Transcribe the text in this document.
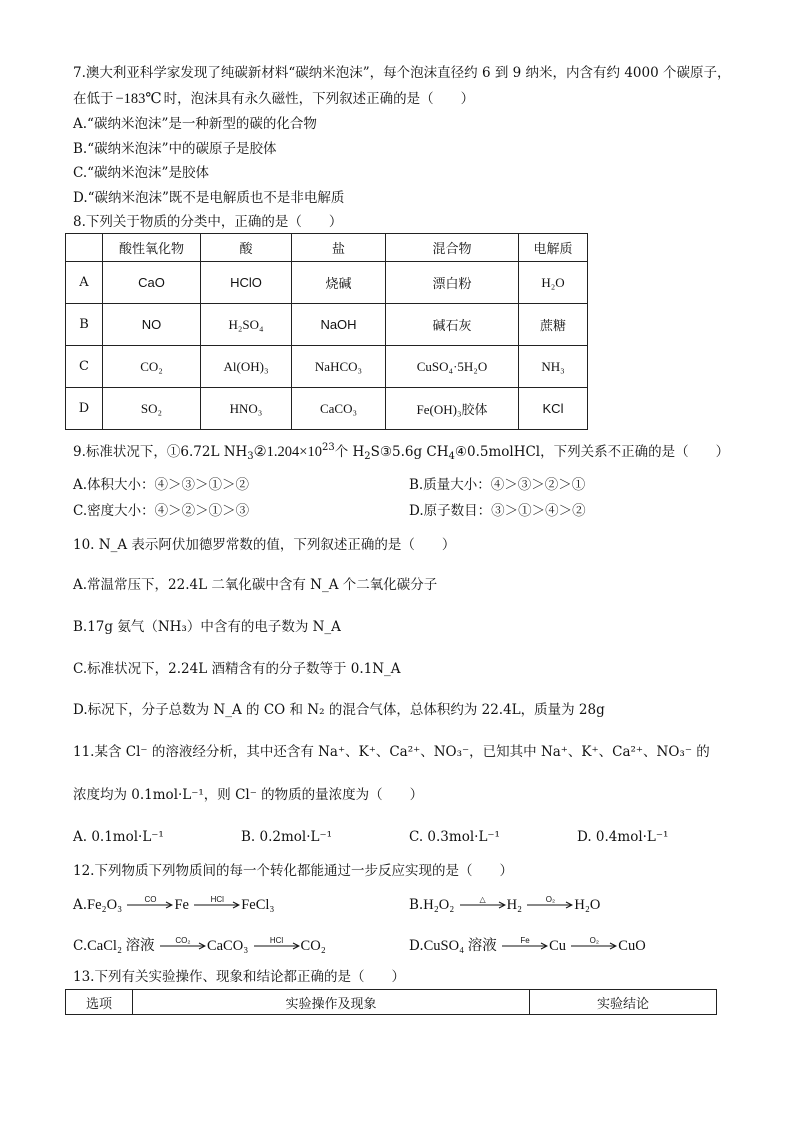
7.澳大利亚科学家发现了纯碳新材料“碳纳米泡沫”，每个泡沫直径约 6 到 9 纳米，内含有约 4000 个碳原子，
在低于 −183℃ 时，泡沫具有永久磁性，下列叙述正确的是（　　）
A.“碳纳米泡沫”是一种新型的碳的化合物
B.“碳纳米泡沫”中的碳原子是胶体
C.“碳纳米泡沫”是胶体
D.“碳纳米泡沫”既不是电解质也不是非电解质
8.下列关于物质的分类中，正确的是（　　）
	酸性氧化物	酸	盐	混合物	电解质
A	CaO	HClO	烧碱	漂白粉	H₂O
B	NO	H₂SO₄	NaOH	碱石灰	蔗糖
C	CO₂	Al(OH)₃	NaHCO₃	CuSO₄·5H₂O	NH₃
D	SO₂	HNO₃	CaCO₃	Fe(OH)₃胶体	KCl
9.标准状况下，①6.72L $NH_3②1.204\times 10^{23}$个 $H_2S③5.6g$ $CH_4④0.5molHCl$，下列关系不正确的是（　　）
A.体积大小：④＞③＞①＞②	B.质量大小：④＞③＞②＞①
C.密度大小：④＞②＞①＞③	D.原子数目：③＞①＞④＞②
10. N_A 表示阿伏加德罗常数的值，下列叙述正确的是（　　）
A.常温常压下，22.4L 二氧化碳中含有 N_A 个二氧化碳分子
B.17g 氨气（NH₃）中含有的电子数为 N_A
C.标准状况下，2.24L 酒精含有的分子数等于 0.1N_A
D.标况下，分子总数为 N_A 的 CO 和 N₂ 的混合气体，总体积约为 22.4L，质量为 28g
11.某含 Cl⁻ 的溶液经分析，其中还含有 Na⁺、K⁺、Ca²⁺、NO₃⁻，已知其中 Na⁺、K⁺、Ca²⁺、NO₃⁻ 的
浓度均为 0.1mol·L⁻¹，则 Cl⁻ 的物质的量浓度为（　　）
A. 0.1mol·L⁻¹	B. 0.2mol·L⁻¹	C. 0.3mol·L⁻¹	D. 0.4mol·L⁻¹
12.下列物质下列物质间的每一个转化都能通过一步反应实现的是（　　）
A.Fe₂O₃	CO	Fe	HCl	FeCl₃	B.H₂O₂	△	H₂	O₂	H₂O
C.CaCl₂ 溶液	CO₂	CaCO₃	HCl	CO₂	D.CuSO₄ 溶液	Fe	Cu	O₂	CuO
13.下列有关实验操作、现象和结论都正确的是（　　）
选项	实验操作及现象	实验结论
